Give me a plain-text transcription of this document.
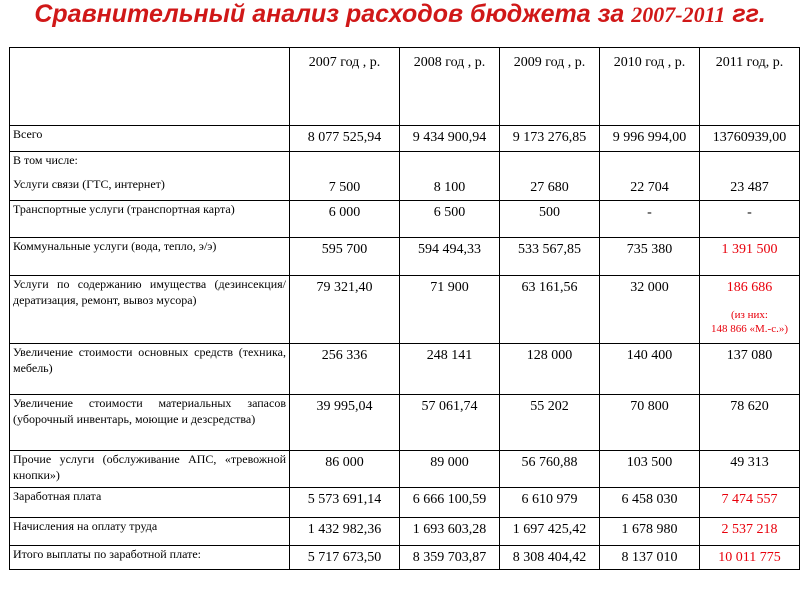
Сравнительный анализ расходов бюджета за 2007-2011 гг.
	2007 год , р.	2008 год , р.	2009 год , р.	2010 год , р.	2011 год, р.
Всего	8 077 525,94	9 434 900,94	9 173 276,85	9 996 994,00	13760939,00

В том числе:
Услуги связи (ГТС, интернет)	7 500	8 100	27 680	22 704	23 487
Транспортные услуги (транспортная карта)	6 000	6 500	500	-	-
Коммунальные услуги (вода, тепло, э/э)	595 700	594 494,33	533 567,85	735 380	1 391 500
Услуги по содержанию имущества (дезинсекция/дератизация, ремонт, вывоз мусора)	79 321,40	71 900	63 161,56	32 000	186 686
(из них:
148 866 «М.-с.»)

Увеличение стоимости основных средств (техника, мебель)	256 336	248 141	128 000	140 400	137 080
Увеличение стоимости материальных запасов (уборочный инвентарь, моющие и дезсредства)	39 995,04	57 061,74	55 202	70 800	78 620
Прочие услуги (обслуживание АПС, «тревожной кнопки»)	86 000	89 000	56 760,88	103 500	49 313
Заработная плата	5 573 691,14	6 666 100,59	6 610 979	6 458 030	7 474 557
Начисления на оплату труда	1 432 982,36	1 693 603,28	1 697 425,42	1 678 980	2 537 218
Итого выплаты по заработной плате:	5 717 673,50	8 359 703,87	8 308 404,42	8 137 010	10 011 775
